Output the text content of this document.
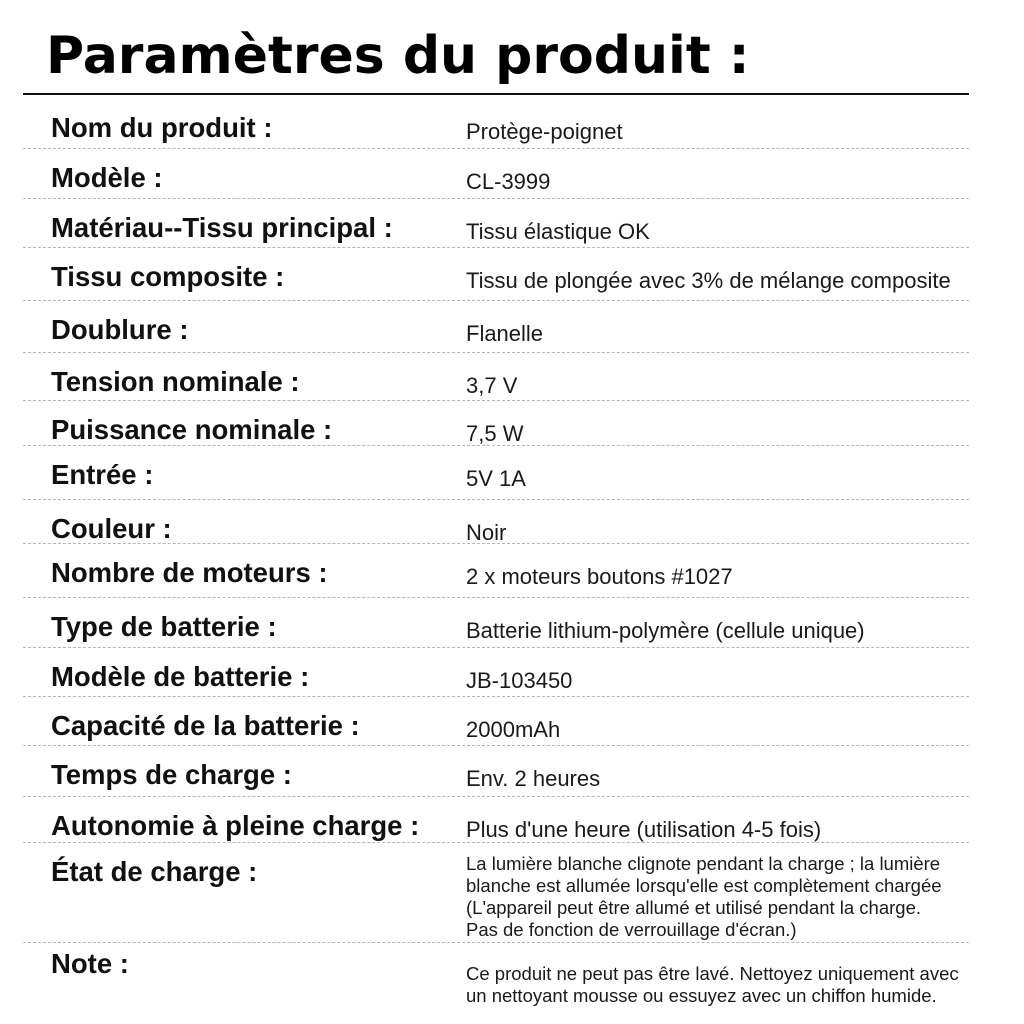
Paramètres du produit :
Nom du produit :	Protège-poignet
Modèle :	CL-3999
Matériau--Tissu principal :	Tissu élastique OK
Tissu composite :	Tissu de plongée avec 3% de mélange composite
Doublure :	Flanelle
Tension nominale :	3,7 V
Puissance nominale :	7,5 W
Entrée :	5V 1A
Couleur :	Noir
Nombre de moteurs :	2 x moteurs boutons #1027
Type de batterie :	Batterie lithium-polymère (cellule unique)
Modèle de batterie :	JB-103450
Capacité de la batterie :	2000mAh
Temps de charge :	Env. 2 heures
Autonomie à pleine charge : Plus d'une heure (utilisation 4-5 fois)
État de charge :	La lumière blanche clignote pendant la charge ; la lumière
blanche est allumée lorsqu'elle est complètement chargée
(L'appareil peut être allumé et utilisé pendant la charge.
Pas de fonction de verrouillage d'écran.)
Note :	Ce produit ne peut pas être lavé. Nettoyez uniquement avec
un nettoyant mousse ou essuyez avec un chiffon humide.
